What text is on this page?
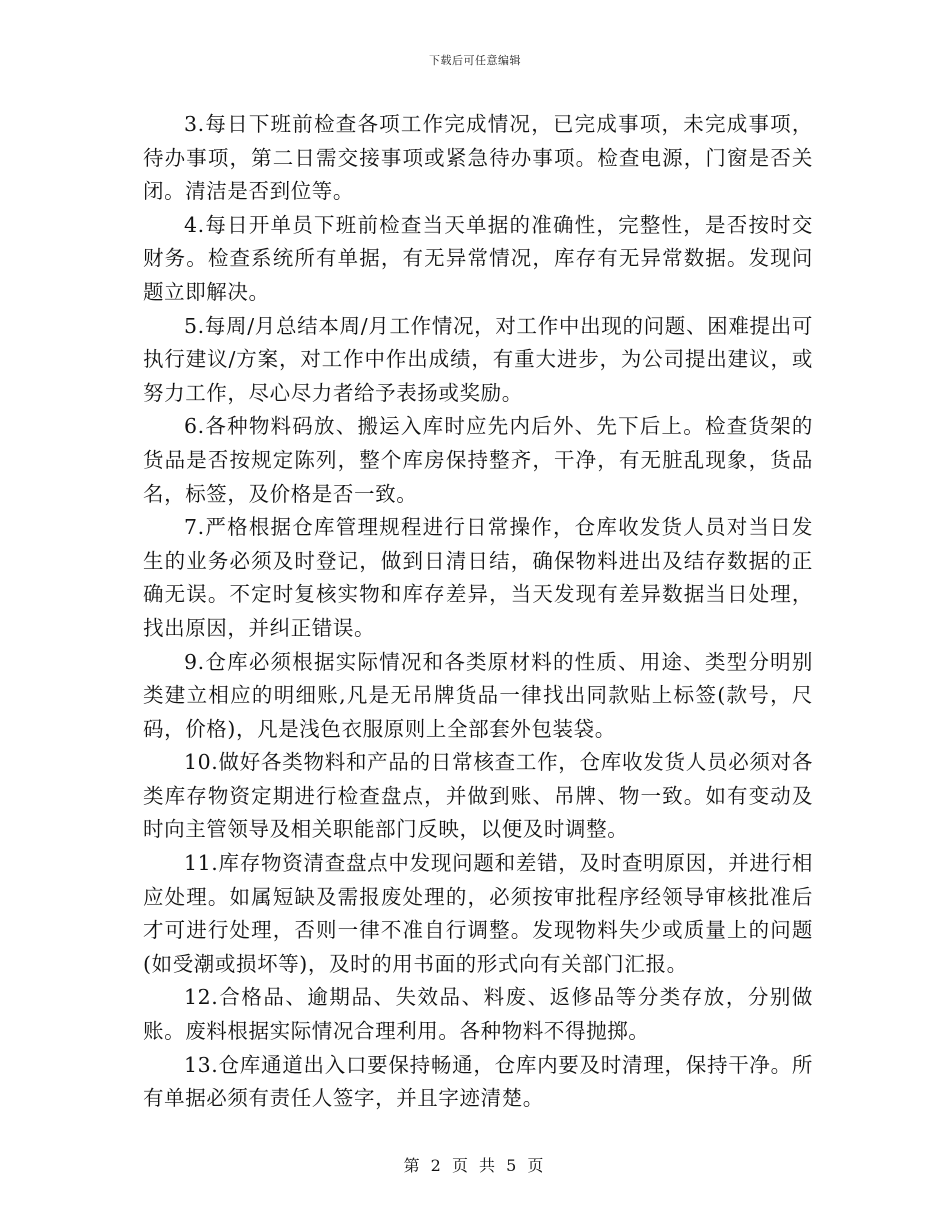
下载后可任意编辑

3.每日下班前检查各项工作完成情况，已完成事项，未完成事项，待办事项，第二日需交接事项或紧急待办事项。检查电源，门窗是否关闭。清洁是否到位等。

4.每日开单员下班前检查当天单据的准确性，完整性，是否按时交财务。检查系统所有单据，有无异常情况，库存有无异常数据。发现问题立即解决。

5.每周/月总结本周/月工作情况，对工作中出现的问题、困难提出可执行建议/方案，对工作中作出成绩，有重大进步，为公司提出建议，或努力工作，尽心尽力者给予表扬或奖励。

6.各种物料码放、搬运入库时应先内后外、先下后上。检查货架的货品是否按规定陈列，整个库房保持整齐，干净，有无脏乱现象，货品名，标签，及价格是否一致。

7.严格根据仓库管理规程进行日常操作，仓库收发货人员对当日发生的业务必须及时登记，做到日清日结，确保物料进出及结存数据的正确无误。不定时复核实物和库存差异，当天发现有差异数据当日处理，找出原因，并纠正错误。

9.仓库必须根据实际情况和各类原材料的性质、用途、类型分明别类建立相应的明细账,凡是无吊牌货品一律找出同款贴上标签(款号，尺码，价格)，凡是浅色衣服原则上全部套外包装袋。

10.做好各类物料和产品的日常核查工作，仓库收发货人员必须对各类库存物资定期进行检查盘点，并做到账、吊牌、物一致。如有变动及时向主管领导及相关职能部门反映，以便及时调整。

11.库存物资清查盘点中发现问题和差错，及时查明原因，并进行相应处理。如属短缺及需报废处理的，必须按审批程序经领导审核批准后才可进行处理，否则一律不准自行调整。发现物料失少或质量上的问题(如受潮或损坏等)，及时的用书面的形式向有关部门汇报。

12.合格品、逾期品、失效品、料废、返修品等分类存放，分别做账。废料根据实际情况合理利用。各种物料不得抛掷。

13.仓库通道出入口要保持畅通，仓库内要及时清理，保持干净。所有单据必须有责任人签字，并且字迹清楚。

第 2 页 共 5 页
